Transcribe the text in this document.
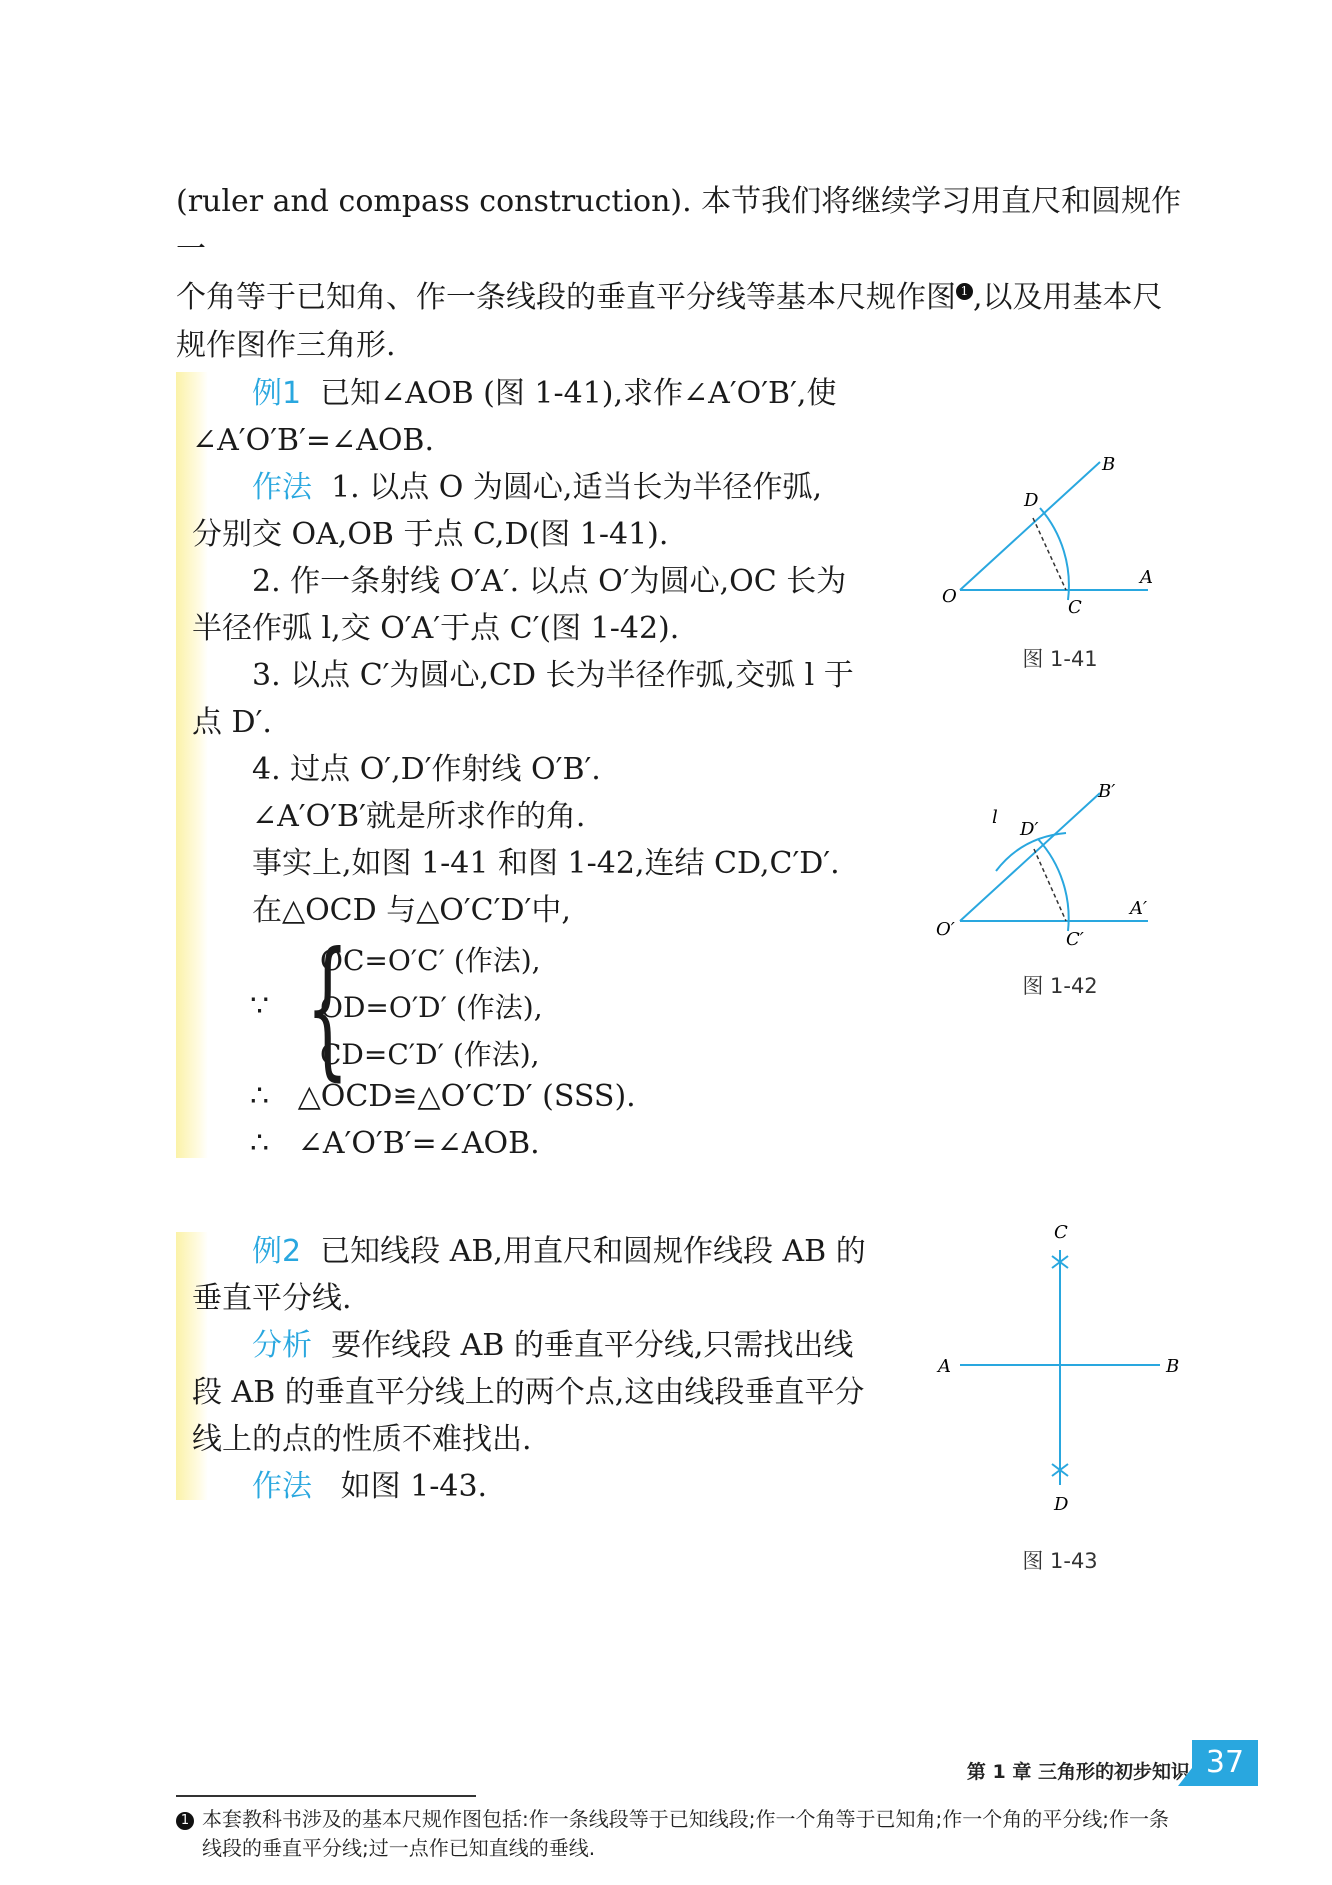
(ruler and compass construction). 本节我们将继续学习用直尺和圆规作一
个角等于已知角、作一条线段的垂直平分线等基本尺规作图 1 ,以及用基本尺
规作图作三角形.
例1 已知∠AOB (图 1-41),求作∠A′O′B′,使
∠A′O′B′=∠AOB.
作法 1. 以点 O 为圆心,适当长为半径作弧,
分别交 OA,OB 于点 C,D(图 1-41).
2. 作一条射线 O′A′. 以点 O′为圆心,OC 长为
半径作弧 l,交 O′A′于点 C′(图 1-42).
3. 以点 C′为圆心,CD 长为半径作弧,交弧 l 于
点 D′.
4. 过点 O′,D′作射线 O′B′.
∠A′O′B′就是所求作的角.
事实上,如图 1-41 和图 1-42,连结 CD,C′D′.
在△OCD 与△O′C′D′中,
∵ {
OC=O′C′ (作法),
OD=O′D′ (作法),
CD=C′D′ (作法),
∴ △OCD≌△O′C′D′ (SSS).
∴ ∠A′O′B′=∠AOB.
例2 已知线段 AB,用直尺和圆规作线段 AB 的
垂直平分线.
分析 要作线段 AB 的垂直平分线,只需找出线
段 AB 的垂直平分线上的两个点,这由线段垂直平分
线上的点的性质不难找出.
作法 如图 1-43.
O
A
B
C
D
图 1-41
O′
A′
B′
C′
D′
l
图 1-42
A	B
C
D
图 1-43
1 本套教科书涉及的基本尺规作图包括:作一条线段等于已知线段;作一个角等于已知角;作一个角的平分线;作一条
线段的垂直平分线;过一点作已知直线的垂线.
第 1 章 三角形的初步知识 37
